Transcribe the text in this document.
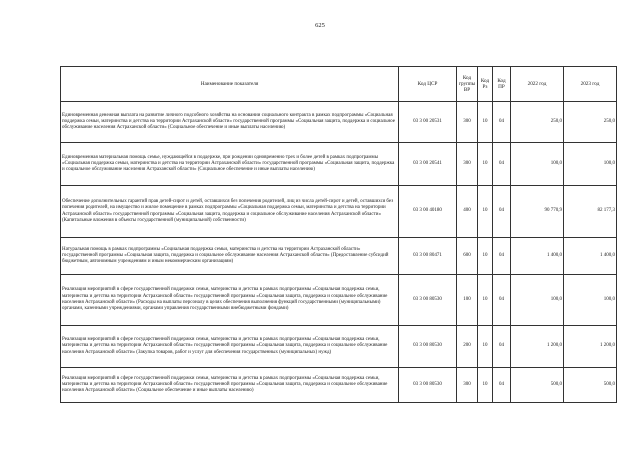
625
Наименование показателя	Код ЦСР	Код группы ВР	Код Рз	Код ПР	2022 год	2023 год
Единовременная денежная выплата на развитие личного подсобного хозяйства на основании социального контракта в рамках подпрограммы «Социальная поддержка семьи, материнства и детства на территории Астраханской области» государственной программы «Социальная защита, поддержка и социальное обслуживание населения Астраханской области» (Социальное обеспечение и иные выплаты населению)	03 3 00 20531	300	10	04	250,0	250,0
Единовременная материальная помощь семье, нуждающейся в поддержке, при рождении одновременно трех и более детей в рамках подпрограммы «Социальная поддержка семьи, материнства и детства на территории Астраханской области» государственной программы «Социальная защита, поддержка и социальное обслуживание населения Астраханской области» (Социальное обеспечение и иные выплаты населению)	03 3 00 20541	300	10	04	100,0	100,0
Обеспечение дополнительных гарантий прав детей-сирот и детей, оставшихся без попечения родителей, лиц из числа детей-сирот и детей, оставшихся без попечения родителей, на имущество и жилое помещение в рамках подпрограммы «Социальная поддержка семьи, материнства и детства на территории Астраханской области» государственной программы «Социальная защита, поддержка и социальное обслуживание населения Астраханской области» (Капитальные вложения в объекты государственной (муниципальной) собственности)	03 3 00 40180	400	10	04	90 770,9	82 177,3
Натуральная помощь в рамках подпрограммы «Социальная поддержка семьи, материнства и детства на территории Астраханской области» государственной программы «Социальная защита, поддержка и социальное обслуживание населения Астраханской области» (Предоставление субсидий бюджетным, автономным учреждениям и иным некоммерческим организациям)	03 3 00 80471	600	10	04	1 400,0	1 400,0
Реализация мероприятий в сфере государственной поддержки семьи, материнства и детства в рамках подпрограммы «Социальная поддержка семьи, материнства и детства на территории Астраханской области» государственной программы «Социальная защита, поддержка и социальное обслуживание населения Астраханской области» (Расходы на выплаты персоналу в целях обеспечения выполнения функций государственными (муниципальными) органами, казенными учреждениями, органами управления государственными внебюджетными фондами)	03 3 00 80530	100	10	04	100,0	100,0
Реализация мероприятий в сфере государственной поддержки семьи, материнства и детства в рамках подпрограммы «Социальная поддержка семьи, материнства и детства на территории Астраханской области» государственной программы «Социальная защита, поддержка и социальное обслуживание населения Астраханской области» (Закупка товаров, работ и услуг для обеспечения государственных (муниципальных) нужд)	03 3 00 80530	200	10	04	1 200,0	1 200,0
Реализация мероприятий в сфере государственной поддержки семьи, материнства и детства в рамках подпрограммы «Социальная поддержка семьи, материнства и детства на территории Астраханской области» государственной программы «Социальная защита, поддержка и социальное обслуживание населения Астраханской области» (Социальное обеспечение и иные выплаты населению)	03 3 00 80530	300	10	04	500,0	500,0
